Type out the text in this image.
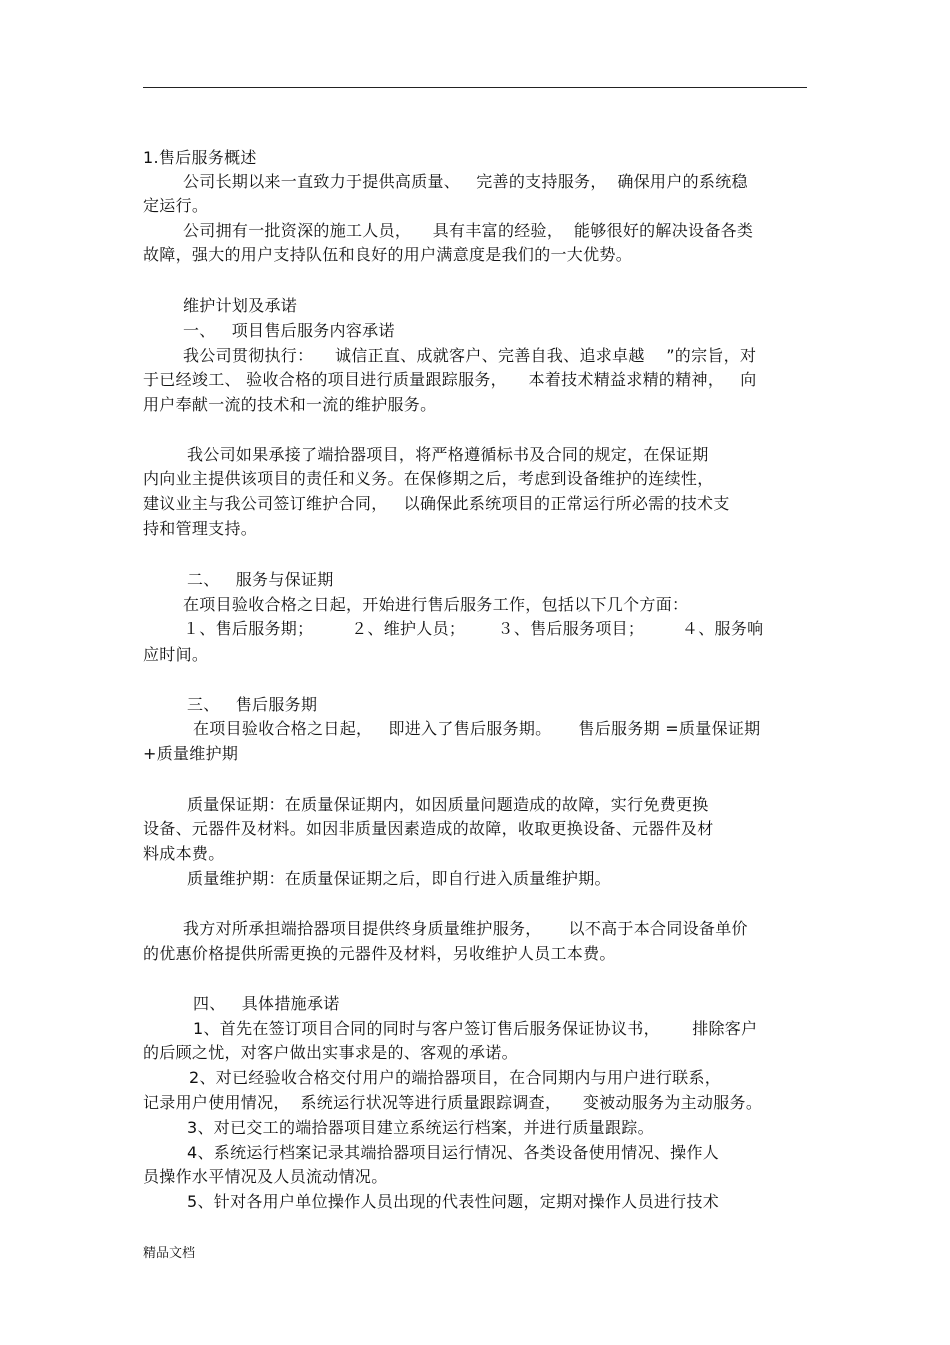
1.售后服务概述
公司长期以来一直致力于提供高质量、   完善的支持服务，  确保用户的系统稳
定运行。
公司拥有一批资深的施工人员，    具有丰富的经验，  能够很好的解决设备各类
故障，强大的用户支持队伍和良好的用户满意度是我们的一大优势。
维护计划及承诺
一、   项目售后服务内容承诺
我公司贯彻执行：    诚信正直、成就客户、完善自我、追求卓越    ”的宗旨，对
于已经竣工、 验收合格的项目进行质量跟踪服务，    本着技术精益求精的精神，   向
用户奉献一流的技术和一流的维护服务。
我公司如果承接了端拾器项目，将严格遵循标书及合同的规定，在保证期
内向业主提供该项目的责任和义务。在保修期之后，考虑到设备维护的连续性，
建议业主与我公司签订维护合同，   以确保此系统项目的正常运行所必需的技术支
持和管理支持。
二、   服务与保证期
在项目验收合格之日起，开始进行售后服务工作，包括以下几个方面：
１、售后服务期；       ２、维护人员；      ３、售后服务项目；       ４、服务响
应时间。
三、   售后服务期
在项目验收合格之日起，   即进入了售后服务期。     售后服务期 =质量保证期
+质量维护期
质量保证期：在质量保证期内，如因质量问题造成的故障，实行免费更换
设备、元器件及材料。如因非质量因素造成的故障，收取更换设备、元器件及材
料成本费。
质量维护期：在质量保证期之后，即自行进入质量维护期。
我方对所承担端拾器项目提供终身质量维护服务，     以不高于本合同设备单价
的优惠价格提供所需更换的元器件及材料，另收维护人员工本费。
四、   具体措施承诺
1、首先在签订项目合同的同时与客户签订售后服务保证协议书，      排除客户
的后顾之忧，对客户做出实事求是的、客观的承诺。
2、对已经验收合格交付用户的端拾器项目，在合同期内与用户进行联系，
记录用户使用情况，  系统运行状况等进行质量跟踪调查，    变被动服务为主动服务。
3、对已交工的端拾器项目建立系统运行档案，并进行质量跟踪。
4、系统运行档案记录其端拾器项目运行情况、各类设备使用情况、操作人
员操作水平情况及人员流动情况。
5、针对各用户单位操作人员出现的代表性问题，定期对操作人员进行技术
精品文档
